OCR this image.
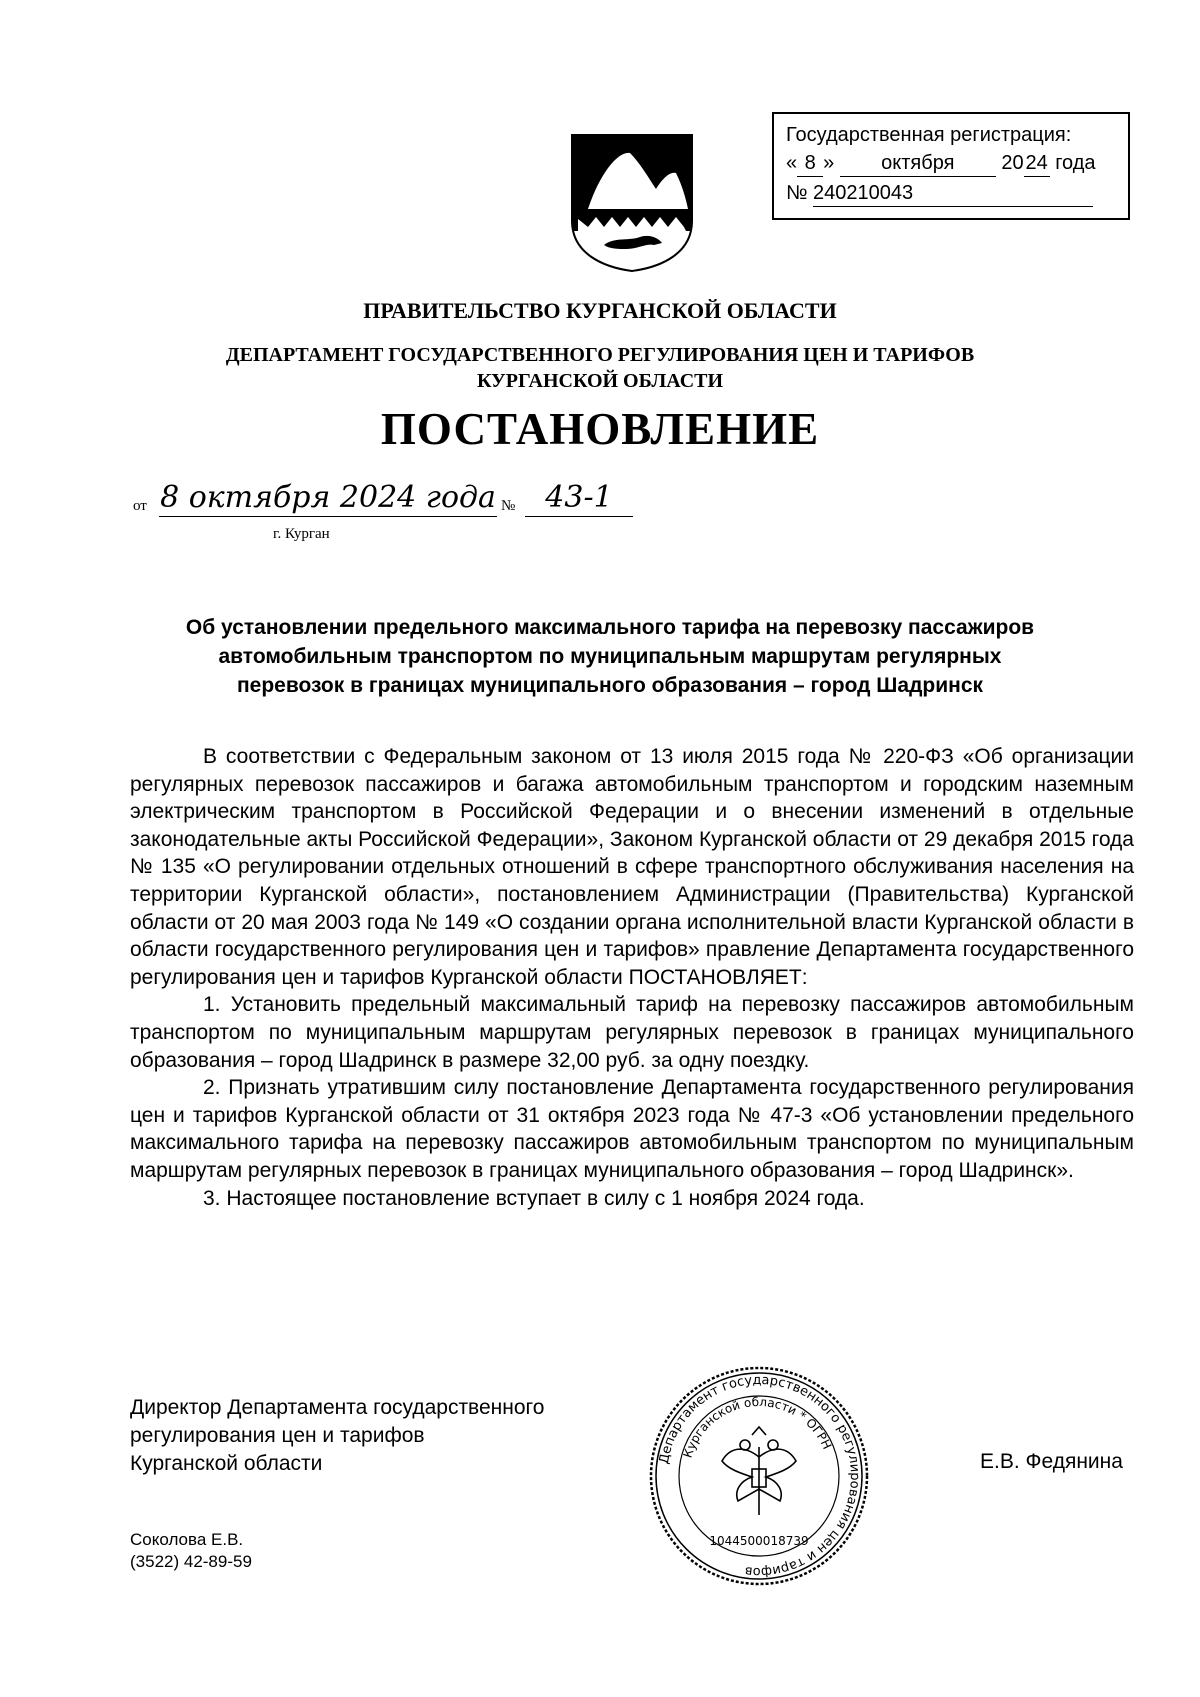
Государственная регистрация:
« 8 » октября 2024 года
№ 240210043
ПРАВИТЕЛЬСТВО КУРГАНСКОЙ ОБЛАСТИ
ДЕПАРТАМЕНТ ГОСУДАРСТВЕННОГО РЕГУЛИРОВАНИЯ ЦЕН И ТАРИФОВ
КУРГАНСКОЙ ОБЛАСТИ
ПОСТАНОВЛЕНИЕ
от 8 октября 2024 года № 43-1
г. Курган
Об установлении предельного максимального тарифа на перевозку пассажиров
автомобильным транспортом по муниципальным маршрутам регулярных
перевозок в границах муниципального образования – город Шадринск

В соответствии с Федеральным законом от 13 июля 2015 года № 220-ФЗ «Об организации регулярных перевозок пассажиров и багажа автомобильным транспортом и городским наземным электрическим транспортом в Российской Федерации и о внесении изменений в отдельные законодательные акты Российской Федерации», Законом Курганской области от 29 декабря 2015 года № 135 «О регулировании отдельных отношений в сфере транспортного обслуживания населения на территории Курганской области», постановлением Администрации (Правительства) Курганской области от 20 мая 2003 года № 149 «О создании органа исполнительной власти Курганской области в области государственного регулирования цен и тарифов» правление Департамента государственного регулирования цен и тарифов Курганской области ПОСТАНОВЛЯЕТ:

1. Установить предельный максимальный тариф на перевозку пассажиров автомобильным транспортом по муниципальным маршрутам регулярных перевозок в границах муниципального образования – город Шадринск в размере 32,00 руб. за одну поездку.

2. Признать утратившим силу постановление Департамента государственного регулирования цен и тарифов Курганской области от 31 октября 2023 года № 47-3 «Об установлении предельного максимального тарифа на перевозку пассажиров автомобильным транспортом по муниципальным маршрутам регулярных перевозок в границах муниципального образования – город Шадринск».

3. Настоящее постановление вступает в силу с 1 ноября 2024 года.

Директор Департамента государственного
регулирования цен и тарифов
Курганской области	Департамент государственного регулирования цен и тарифов
Курганской области * ОГРН
1044500018739
Е.В. Федянина
Соколова Е.В.
(3522) 42-89-59
